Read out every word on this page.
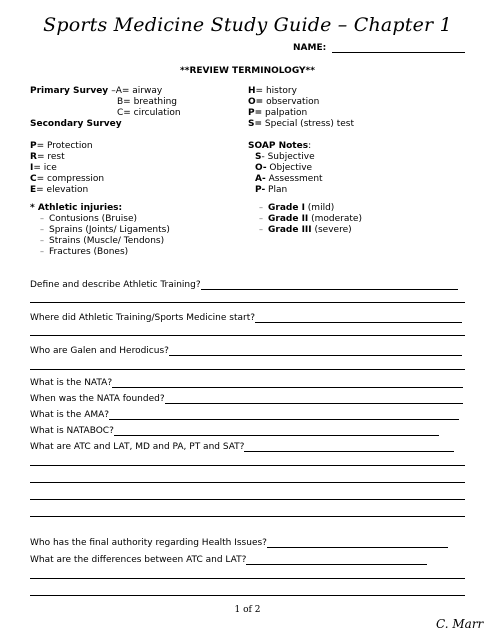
Sports Medicine Study Guide – Chapter 1
NAME:
**REVIEW TERMINOLOGY**
Primary Survey –A= airway
B= breathing
C= circulation
Secondary Survey
H= history
O= observation
P= palpation
S= Special (stress) test
P= Protection
R= rest
I= ice
C= compression
E= elevation
SOAP Notes:
S- Subjective
O- Objective
A- Assessment
P- Plan
* Athletic injuries:
– Contusions (Bruise)
– Sprains (Joints/ Ligaments)
– Strains (Muscle/ Tendons)
– Fractures (Bones)
– Grade I (mild)
– Grade II (moderate)
– Grade III (severe)
Define and describe Athletic Training?
Where did Athletic Training/Sports Medicine start?
Who are Galen and Herodicus?
What is the NATA?
When was the NATA founded?
What is the AMA?
What is NATABOC?
What are ATC and LAT, MD and PA, PT and SAT?
Who has the final authority regarding Health Issues?
What are the differences between ATC and LAT?
1 of 2
C. Marr
